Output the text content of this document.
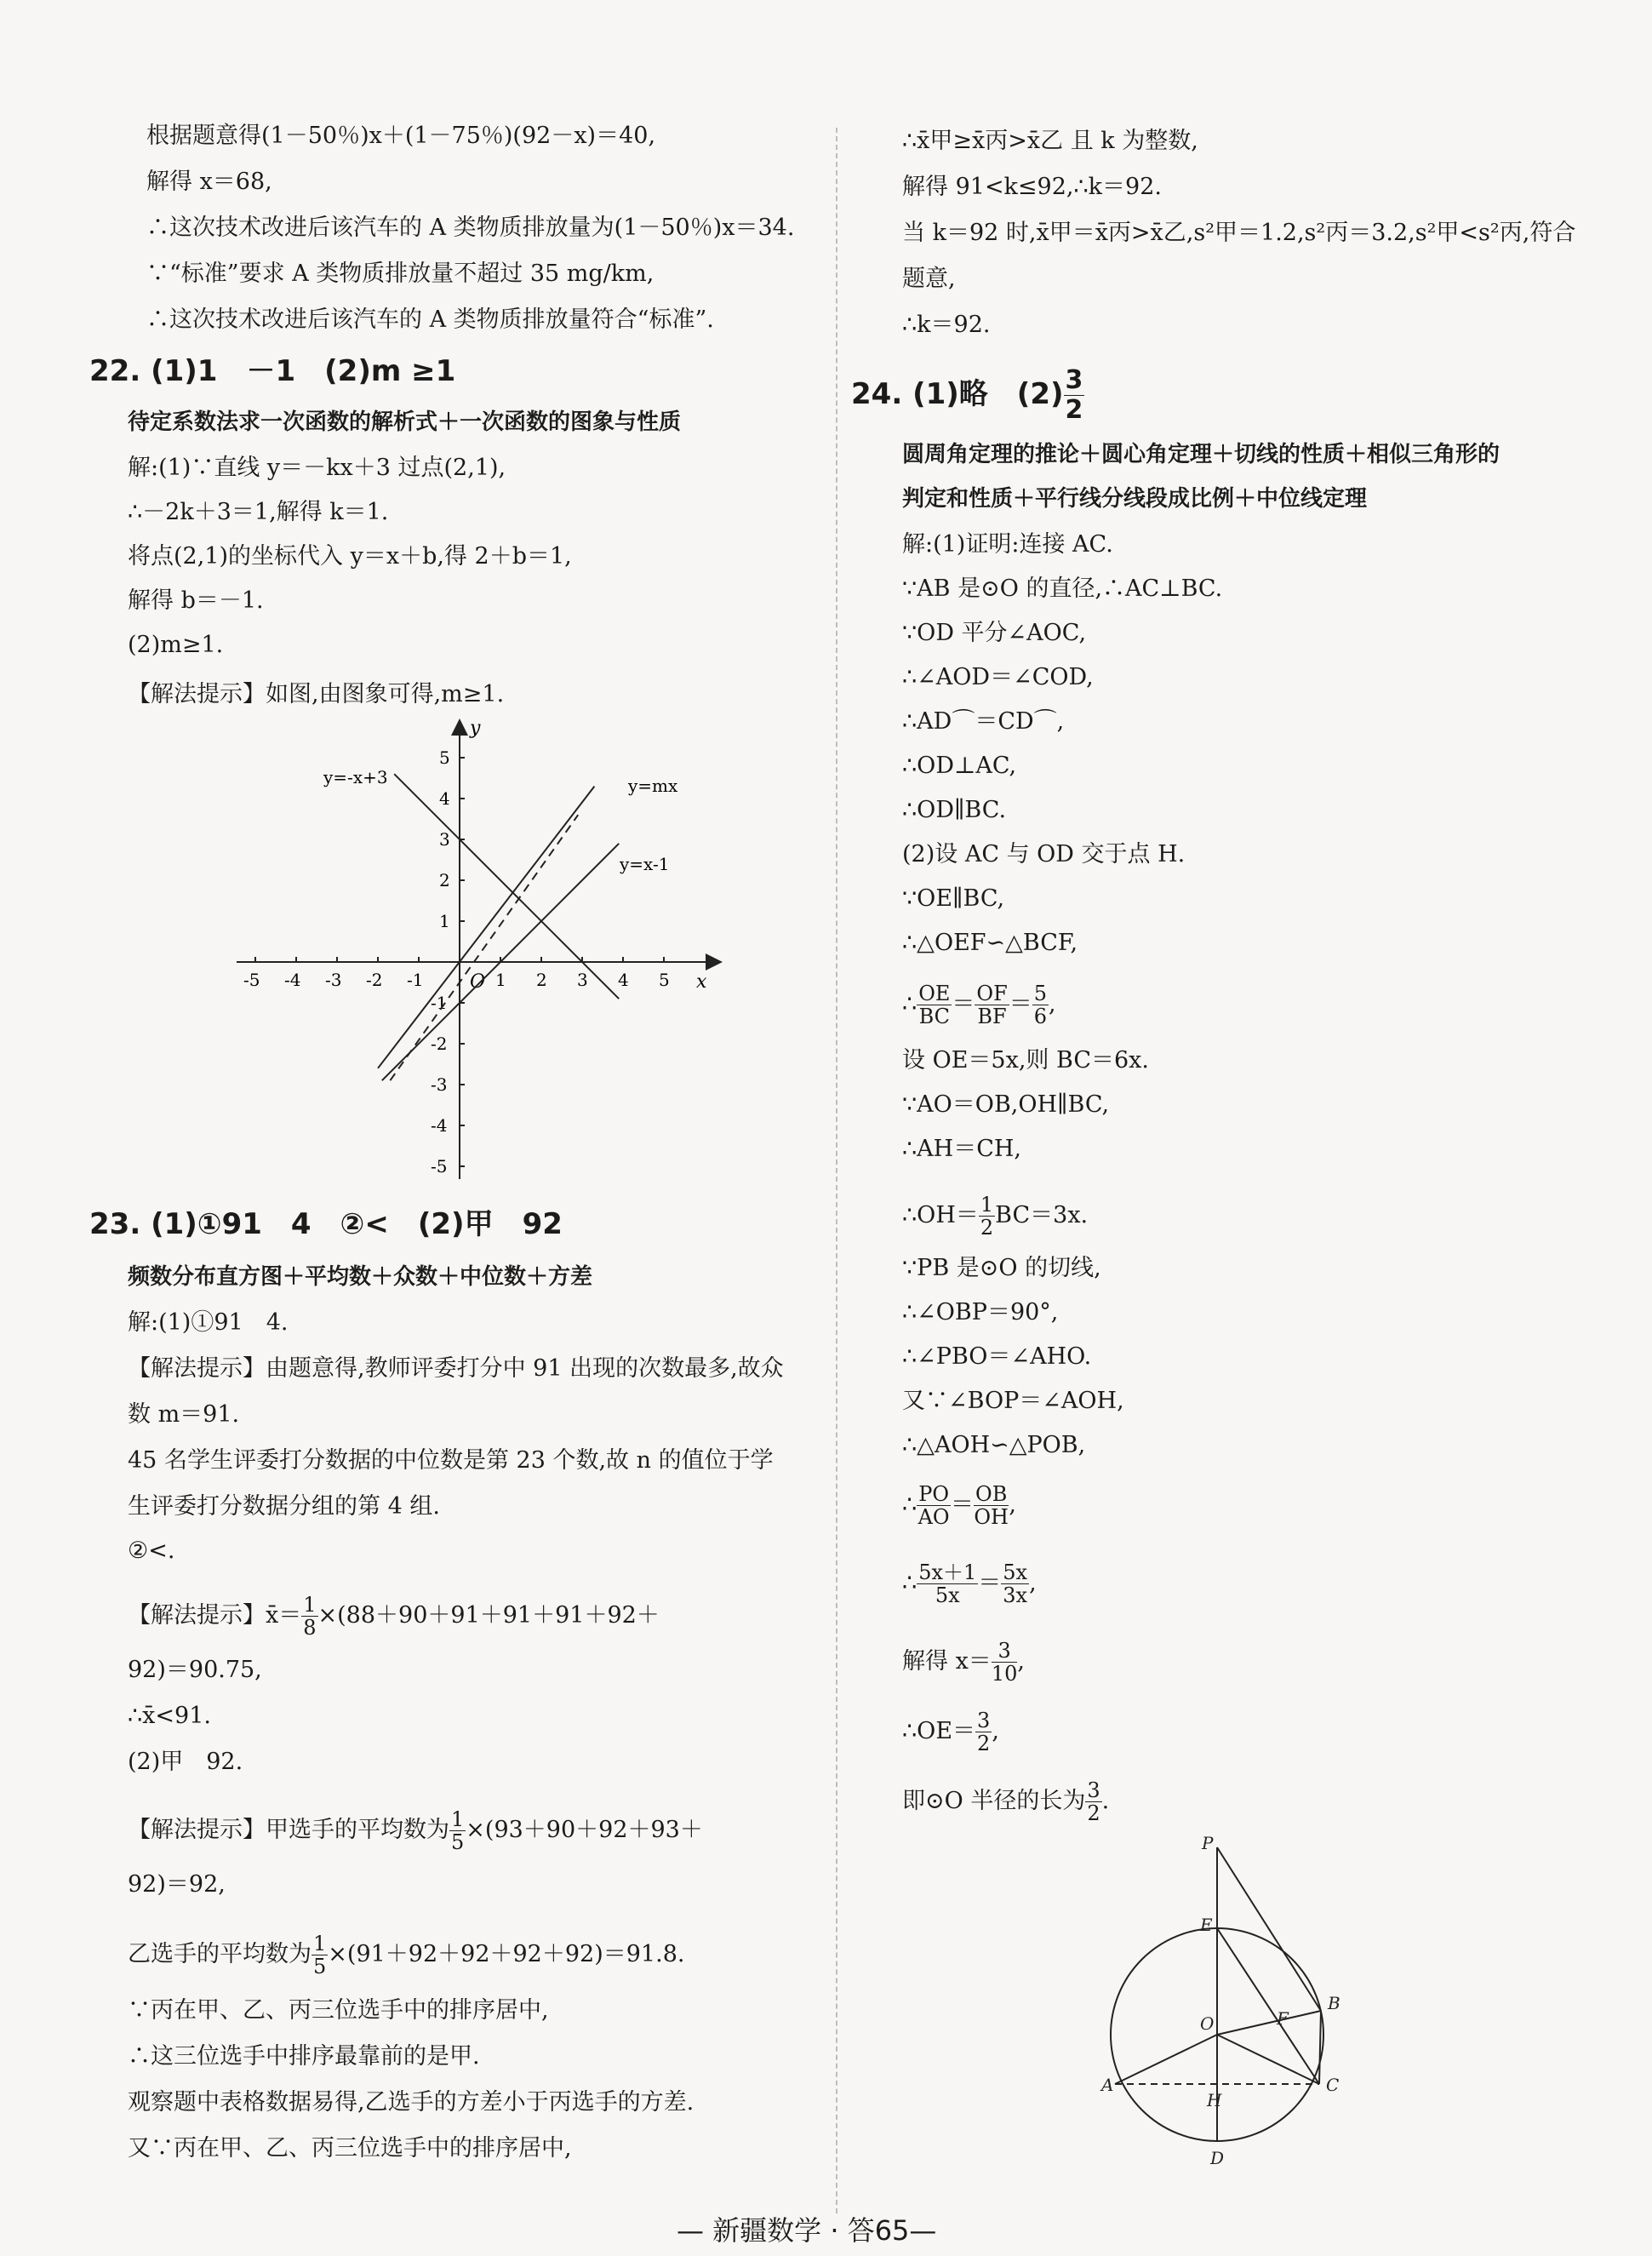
根据题意得(1－50％)x＋(1－75％)(92－x)＝40,
解得 x＝68,
∴这次技术改进后该汽车的 A 类物质排放量为(1－50％)x＝34.
∵“标准”要求 A 类物质排放量不超过 35 mg/km,
∴这次技术改进后该汽车的 A 类物质排放量符合“标准”.
22. (1)1　－1　(2)m ≥1
待定系数法求一次函数的解析式＋一次函数的图象与性质
解:(1)∵直线 y＝－kx＋3 过点(2,1),
∴－2k＋3＝1,解得 k＝1.
将点(2,1)的坐标代入 y＝x＋b,得 2＋b＝1,
解得 b＝－1.
(2)m≥1.
【解法提示】如图,由图象可得,m≥1.
x
y
O
-5 -4 -3 -2 -1	1 2 3 4 5
5
4
3
2
1
-1
-2
-3
-4
-5
y=-x+3	y=mx
y=x-1
23. (1)①91　4　②<　(2)甲　92
频数分布直方图＋平均数＋众数＋中位数＋方差
解:(1)①91　4.
【解法提示】由题意得,教师评委打分中 91 出现的次数最多,故众
数 m＝91.
45 名学生评委打分数据的中位数是第 23 个数,故 n 的值位于学
生评委打分数据分组的第 4 组.
②<.
【解法提示】x̄＝ $\frac{1}{8} \times(88+90+91+91+91+92+$
92)＝90.75,
∴x̄<91.
(2)甲　92.
【解法提示】甲选手的平均数为 $\frac{1}{5} \times(93+90+92+93+$
92)＝92,
乙选手的平均数为 $\frac{1}{5} \times(91+92+92+92+92)=91.8$.
∵丙在甲、乙、丙三位选手中的排序居中,
∴这三位选手中排序最靠前的是甲.
观察题中表格数据易得,乙选手的方差小于丙选手的方差.
又∵丙在甲、乙、丙三位选手中的排序居中,
∴x̄甲≥x̄丙>x̄乙 且 k 为整数,
解得 91<k≤92,∴k＝92.
当 k＝92 时,x̄甲＝x̄丙>x̄乙,s²甲＝1.2,s²丙＝3.2,s²甲<s²丙,符合
题意,
∴k＝92.
24. (1)略　$(2) \frac{3}{2}$
圆周角定理的推论＋圆心角定理＋切线的性质＋相似三角形的
判定和性质＋平行线分线段成比例＋中位线定理
解:(1)证明:连接 AC.
∵AB 是⊙O 的直径,∴AC⊥BC.
∵OD 平分∠AOC,
∴∠AOD＝∠COD,
∴AD⌒＝CD⌒,
∴OD⊥AC,
∴OD∥BC.
(2)设 AC 与 OD 交于点 H.
∵OE∥BC,
∴△OEF∽△BCF,
∴ $\frac{OE}{BC} = \frac{OF}{BF} = \frac{5}{6}$ ,
设 OE＝5x,则 BC＝6x.
∵AO＝OB,OH∥BC,
∴AH＝CH,
∴OH＝ $\frac{1}{2} BC=3x$.
∵PB 是⊙O 的切线,
∴∠OBP＝90°,
∴∠PBO＝∠AHO.
又∵∠BOP＝∠AOH,
∴△AOH∽△POB,
∴ $\frac{PO}{AO} = \frac{OB}{OH}$ ,
∴ $\frac{5x+1}{5x} = \frac{5x}{3x}$ ,
解得 $x= \frac{3}{10}$ ,
∴OE＝ $\frac{3}{2}$ ,
即⊙O 半径的长为 $\frac{3}{2}$ .
P
E
B
F
O
A
H
C
D
— 新疆数学 · 答65—
